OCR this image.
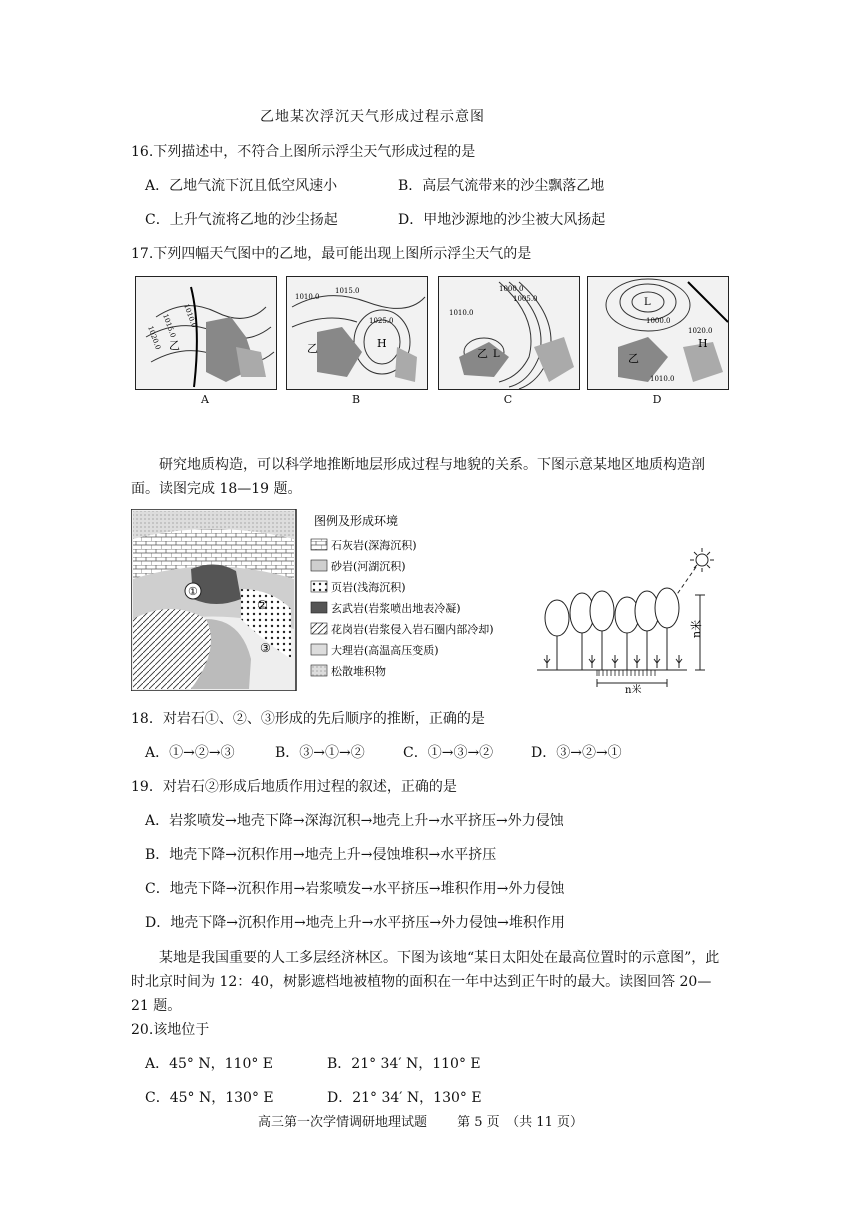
乙地某次浮沉天气形成过程示意图
16.下列描述中，不符合上图所示浮尘天气形成过程的是
A．乙地气流下沉且低空风速小	B．高层气流带来的沙尘飘落乙地
C．上升气流将乙地的沙尘扬起	D．甲地沙源地的沙尘被大风扬起
17.下列四幅天气图中的乙地，最可能出现上图所示浮尘天气的是
乙
1010.0
1015.0
1020.0
A
乙	H
1010.0
1015.0
1025.0
B
乙 L
1000.0
1005.0
1010.0
C
乙
L
H
1000.0
1010.0
1020.0
D
研究地质构造，可以科学地推断地层形成过程与地貌的关系。下图示意某地区地质构造剖面。读图完成 18—19 题。
①
②
③
图例及形成环境
石灰岩(深海沉积)
砂岩(河湖沉积)
页岩(浅海沉积)
玄武岩(岩浆喷出地表冷凝)
花岗岩(岩浆侵入岩石圈内部冷却)
大理岩(高温高压变质)
松散堆积物
n米
n米
18．对岩石①、②、③形成的先后顺序的推断，正确的是
A．①→②→③	B．③→①→②	C．①→③→②	D．③→②→①
19．对岩石②形成后地质作用过程的叙述，正确的是
A．岩浆喷发→地壳下降→深海沉积→地壳上升→水平挤压→外力侵蚀
B．地壳下降→沉积作用→地壳上升→侵蚀堆积→水平挤压
C．地壳下降→沉积作用→岩浆喷发→水平挤压→堆积作用→外力侵蚀
D．地壳下降→沉积作用→地壳上升→水平挤压→外力侵蚀→堆积作用
某地是我国重要的人工多层经济林区。下图为该地“某日太阳处在最高位置时的示意图”，此时北京时间为 12：40，树影遮档地被植物的面积在一年中达到正午时的最大。读图回答 20—21 题。
20.该地位于
A．45° N，110° E	B．21° 34′ N，110° E
C．45° N，130° E	D．21° 34′ N，130° E
高三第一次学情调研地理试题　　 第 5 页　（共 11 页）
